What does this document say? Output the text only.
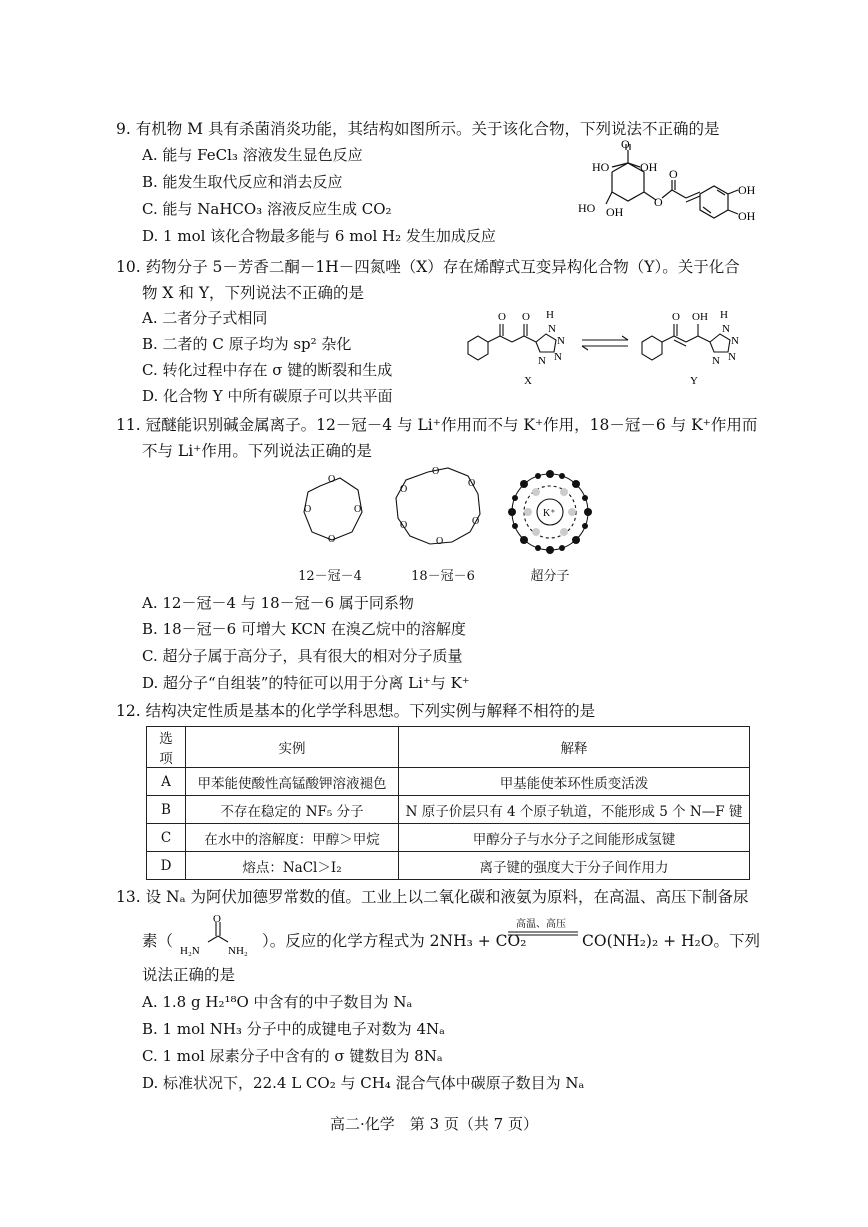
9. 有机物 M 具有杀菌消炎功能，其结构如图所示。关于该化合物，下列说法不正确的是
A. 能与 FeCl₃ 溶液发生显色反应
B. 能发生取代反应和消去反应
C. 能与 NaHCO₃ 溶液反应生成 CO₂
D. 1 mol 该化合物最多能与 6 mol H₂ 发生加成反应
O
HO	OH
HO OH
O
O
OH
OH
10. 药物分子 5－芳香二酮－1H－四氮唑（X）存在烯醇式互变异构化合物（Y）。关于化合
物 X 和 Y，下列说法不正确的是
A. 二者分子式相同
B. 二者的 C 原子均为 sp² 杂化
C. 转化过程中存在 σ 键的断裂和生成
D. 化合物 Y 中所有碳原子可以共平面
O O H
N
N
N
N
O OH H
N
N
N
N
X	Y
11. 冠醚能识别碱金属离子。12－冠－4 与 Li⁺作用而不与 K⁺作用，18－冠－6 与 K⁺作用而
不与 Li⁺作用。下列说法正确的是
O
O
O
O
O
O
O
O
O
O
K⁺
12－冠－4	18－冠－6	超分子
A. 12－冠－4 与 18－冠－6 属于同系物
B. 18－冠－6 可增大 KCN 在溴乙烷中的溶解度
C. 超分子属于高分子，具有很大的相对分子质量
D. 超分子“自组装”的特征可以用于分离 Li⁺与 K⁺
12. 结构决定性质是基本的化学学科思想。下列实例与解释不相符的是
选项	实例	解释
A	甲苯能使酸性高锰酸钾溶液褪色	甲基能使苯环性质变活泼
B	不存在稳定的 NF₅ 分子	N 原子价层只有 4 个原子轨道，不能形成 5 个 N—F 键
C	在水中的溶解度：甲醇＞甲烷	甲醇分子与水分子之间能形成氢键
D	熔点：NaCl＞I₂	离子键的强度大于分子间作用力
13. 设 Nₐ 为阿伏加德罗常数的值。工业上以二氧化碳和液氨为原料，在高温、高压下制备尿
素（
O
H₂N	NH₂
）。反应的化学方程式为 2NH₃ + CO₂
高温、高压
CO(NH₂)₂ + H₂O。下列
说法正确的是
A. 1.8 g H₂¹⁸O 中含有的中子数目为 Nₐ
B. 1 mol NH₃ 分子中的成键电子对数为 4Nₐ
C. 1 mol 尿素分子中含有的 σ 键数目为 8Nₐ
D. 标准状况下，22.4 L CO₂ 与 CH₄ 混合气体中碳原子数目为 Nₐ
高二·化学　第 3 页（共 7 页）
